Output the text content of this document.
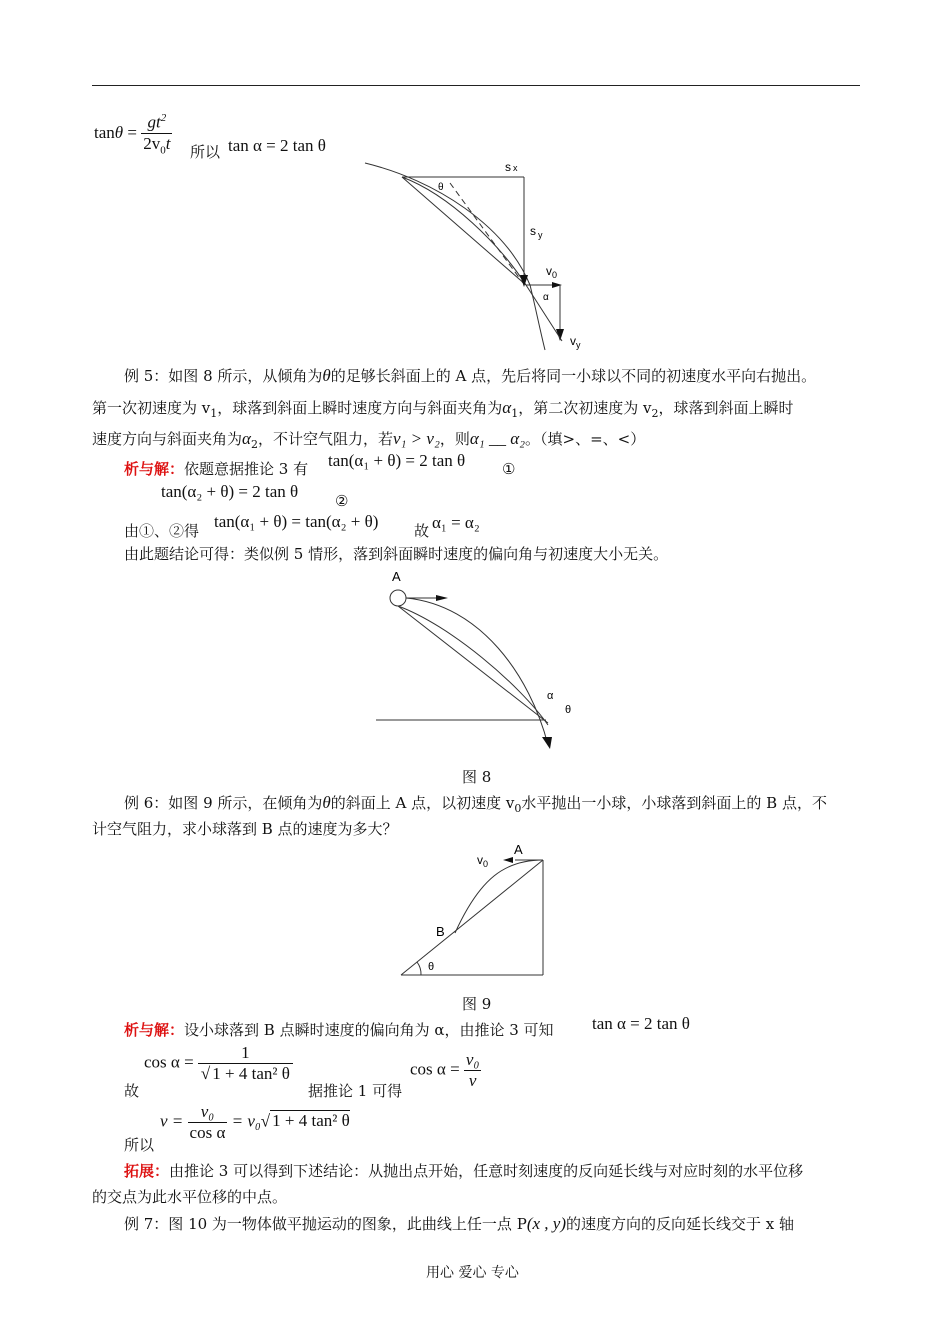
$\tan\theta = \frac{gt^2}{2v_0t}$ 所以 tan α = 2 tan θ
s x
s $_y$
$v_0$
$v_y$
θ
α
例 5：如图 8 所示，从倾角为θ的足够长斜面上的 A 点，先后将同一小球以不同的初速度水平向右抛出。
第一次初速度为 $v_1$，球落到斜面上瞬时速度方向与斜面夹角为$\alpha_1$，第二次初速度为 $v_2$，球落到斜面上瞬时
速度方向与斜面夹角为$\alpha_2$，不计空气阻力，若v₁ > v₂，则α₁ __ α₂。（填>、=、<）
析与解：依题意据推论 3 有 tan(α₁ + θ) = 2 tan θ ①
tan(α₂ + θ) = 2 tan θ ②
由①、②得 tan(α₁ + θ) = tan(α₂ + θ) 故 α₁ = α₂
由此题结论可得：类似例 5 情形，落到斜面瞬时速度的偏向角与初速度大小无关。
A
α
θ
图 8
例 6：如图 9 所示，在倾角为θ的斜面上 A 点，以初速度 $v_0$水平抛出一小球，小球落到斜面上的 B 点，不
计空气阻力，求小球落到 B 点的速度为多大？
A
$v_0$
B
θ
图 9
析与解：设小球落到 B 点瞬时速度的偏向角为 α，由推论 3 可知 tan α = 2 tan θ
故
$\cos \alpha = \frac{1}{\text{√ 1 + 4 tan² θ}}$
据推论 1 可得
$\cos \alpha = \frac{\text{v₀}}{v}$
所以
$v = \frac{\text{v₀}}{\text{cos α}} = v_0√$ 1 + 4 tan² θ
拓展：由推论 3 可以得到下述结论：从抛出点开始，任意时刻速度的反向延长线与对应时刻的水平位移
的交点为此水平位移的中点。
例 7：图 10 为一物体做平抛运动的图象，此曲线上任一点 P(x , y)的速度方向的反向延长线交于 x 轴
用心 爱心 专心
